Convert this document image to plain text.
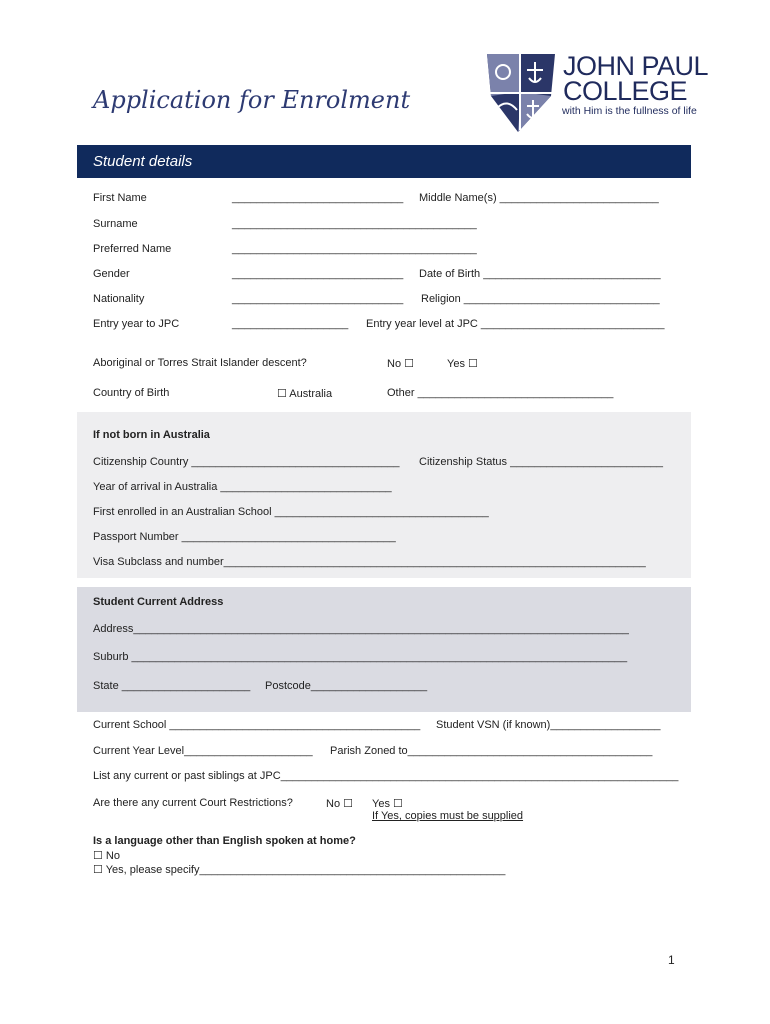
Application for Enrolment
JOHN PAUL
COLLEGE
with Him is the fullness of life
Student details
First Name	____________________________ Middle Name(s) __________________________
Surname	________________________________________
Preferred Name	________________________________________
Gender	____________________________ Date of Birth _____________________________
Nationality	____________________________ Religion ________________________________
Entry year to JPC	___________________ Entry year level at JPC ______________________________
Aboriginal or Torres Strait Islander descent?	No ☐	Yes ☐
Country of Birth	☐ Australia	Other ________________________________
If not born in Australia
Citizenship Country __________________________________ Citizenship Status _________________________
Year of arrival in Australia ____________________________
First enrolled in an Australian School ___________________________________
Passport Number ___________________________________
Visa Subclass and number_____________________________________________________________________
Student Current Address
Address_________________________________________________________________________________
Suburb _________________________________________________________________________________
State _____________________ Postcode___________________
Current School _________________________________________ Student VSN (if known)__________________
Current Year Level_____________________ Parish Zoned to________________________________________
List any current or past siblings at JPC_________________________________________________________________
Are there any current Court Restrictions?	No ☐ Yes ☐
If Yes, copies must be supplied
Is a language other than English spoken at home?
☐ No
☐ Yes, please specify__________________________________________________
1
